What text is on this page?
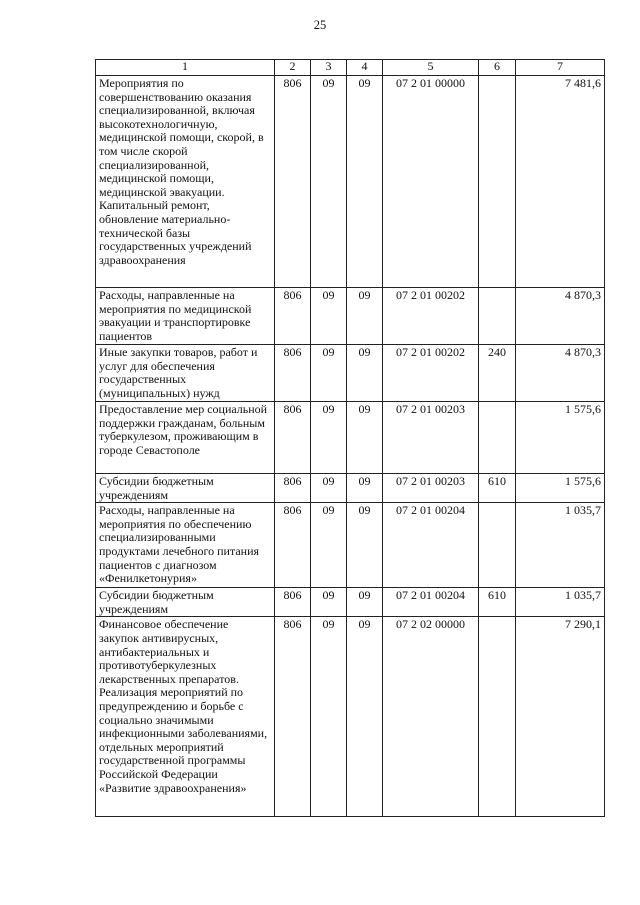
25
1	2	3	4	5	6	7
Мероприятия по совершенствованию оказания специализированной, включая высокотехнологичную, медицинской помощи, скорой, в том числе скорой специализированной, медицинской помощи, медицинской эвакуации. Капитальный ремонт, обновление материально-технической базы государственных учреждений здравоохранения	806	09	09	07 2 01 00000		7 481,6
Расходы, направленные на мероприятия по медицинской эвакуации и транспортировке пациентов	806	09	09	07 2 01 00202		4 870,3
Иные закупки товаров, работ и услуг для обеспечения государственных (муниципальных) нужд	806	09	09	07 2 01 00202	240	4 870,3
Предоставление мер социальной поддержки гражданам, больным туберкулезом, проживающим в городе Севастополе	806	09	09	07 2 01 00203		1 575,6
Субсидии бюджетным учреждениям	806	09	09	07 2 01 00203	610	1 575,6
Расходы, направленные на мероприятия по обеспечению специализированными продуктами лечебного питания пациентов с диагнозом «Фенилкетонурия»	806	09	09	07 2 01 00204		1 035,7
Субсидии бюджетным учреждениям	806	09	09	07 2 01 00204	610	1 035,7
Финансовое обеспечение закупок антивирусных, антибактериальных и противотуберкулезных лекарственных препаратов. Реализация мероприятий по предупреждению и борьбе с социально значимыми инфекционными заболеваниями, отдельных мероприятий государственной программы Российской Федерации «Развитие здравоохранения»	806	09	09	07 2 02 00000		7 290,1
